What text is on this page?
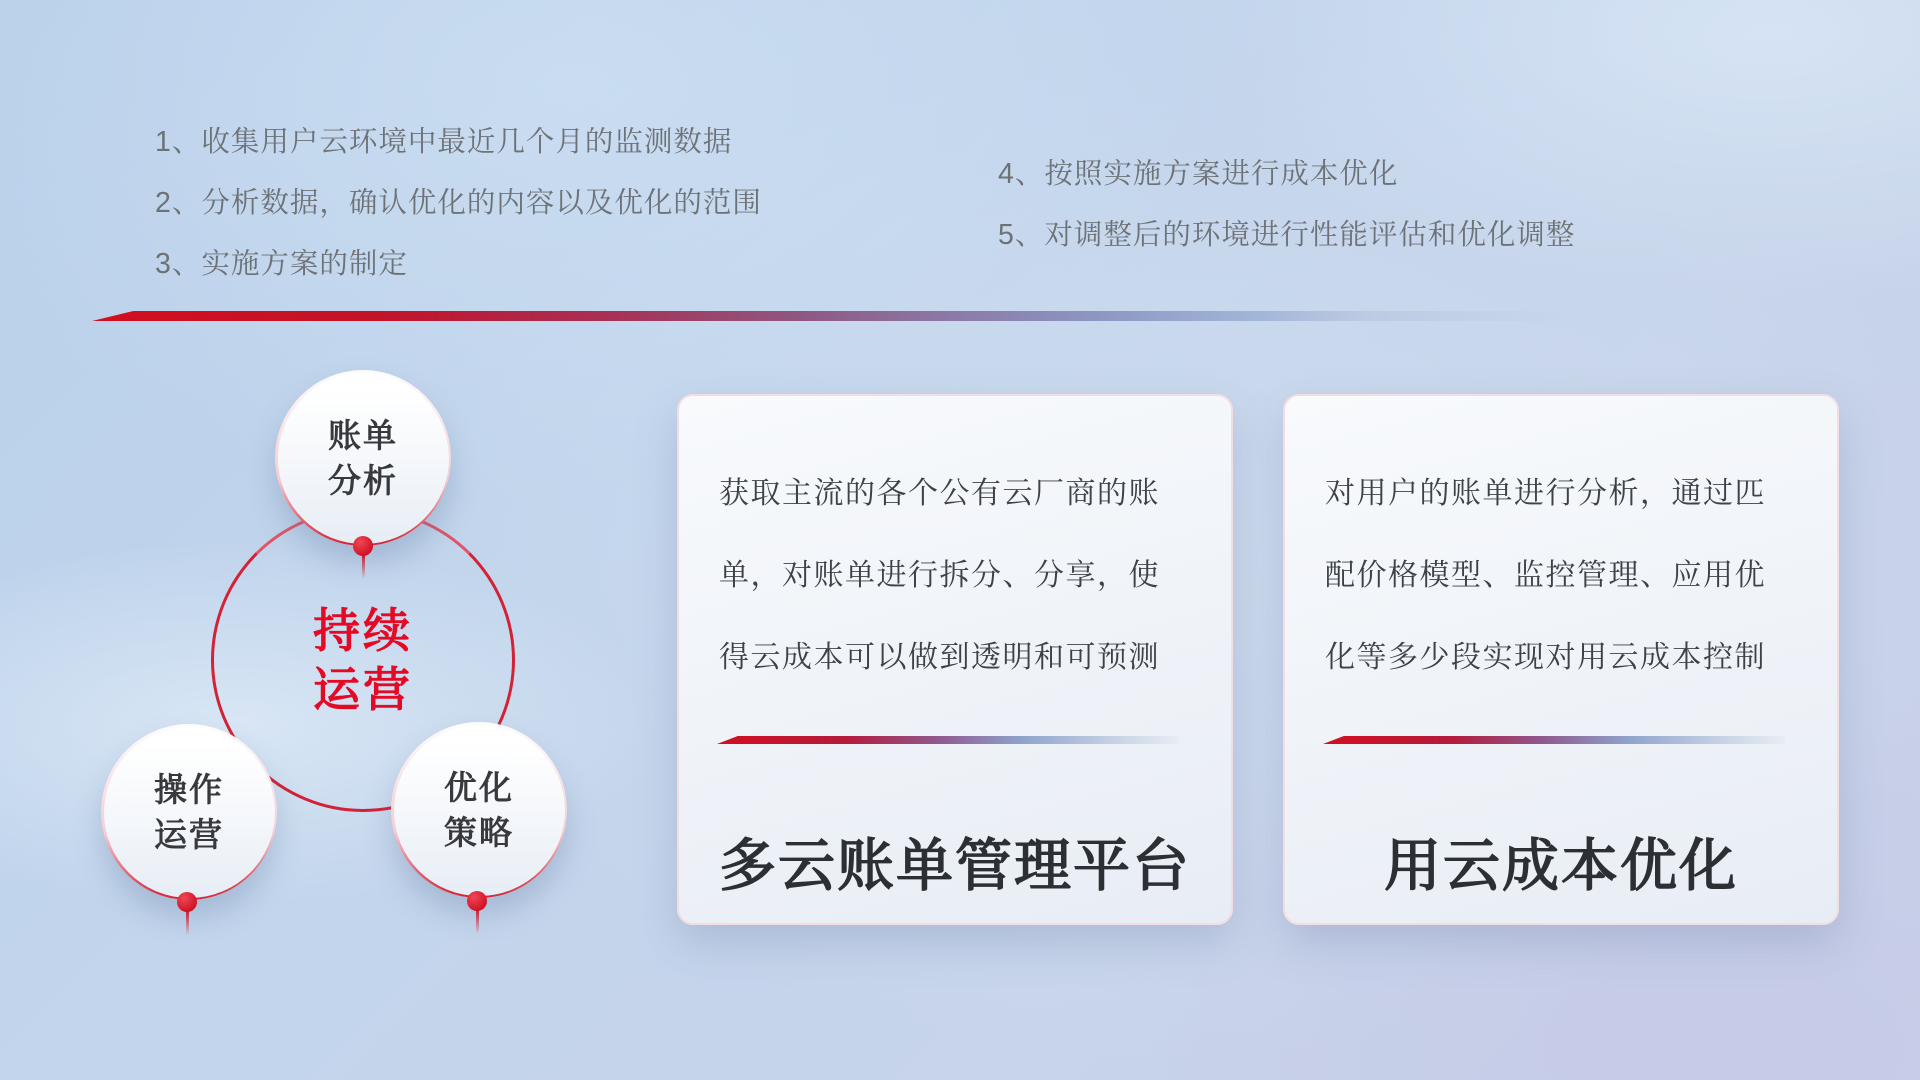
1、收集用户云环境中最近几个月的监测数据
2、分析数据，确认优化的内容以及优化的范围
3、实施方案的制定
4、按照实施方案进行成本优化
5、对调整后的环境进行性能评估和优化调整
持续
运营
账单
分析
操作
运营
优化
策略
获取主流的各个公有云厂商的账
单，对账单进行拆分、分享，使
得云成本可以做到透明和可预测
多云账单管理平台
对用户的账单进行分析，通过匹
配价格模型、监控管理、应用优
化等多少段实现对用云成本控制
用云成本优化
